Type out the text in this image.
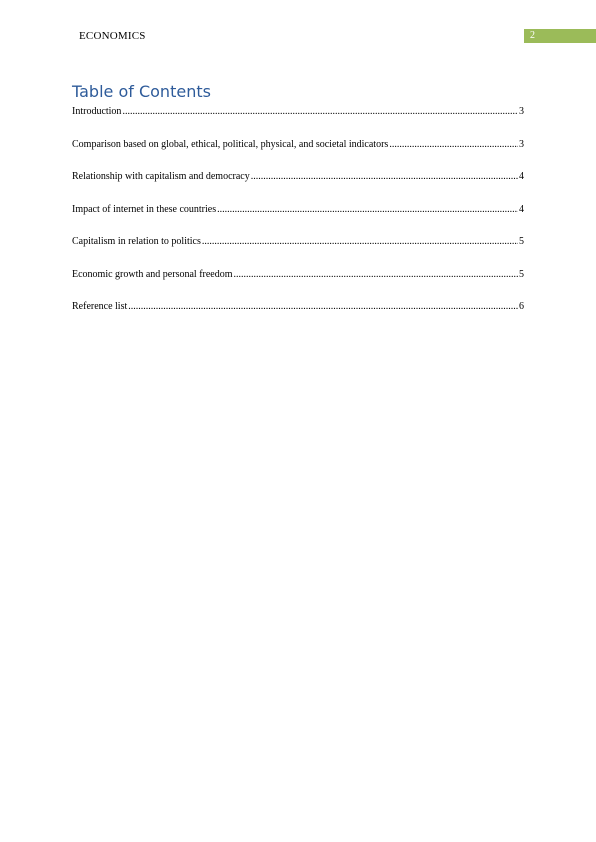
ECONOMICS	2
Table of Contents
Introduction .....	3
Comparison based on global, ethical, political, physical, and societal indicators .....	3
Relationship with capitalism and democracy .....	4
Impact of internet in these countries .....	4
Capitalism in relation to politics .....	5
Economic growth and personal freedom .....	5
Reference list .....	6
